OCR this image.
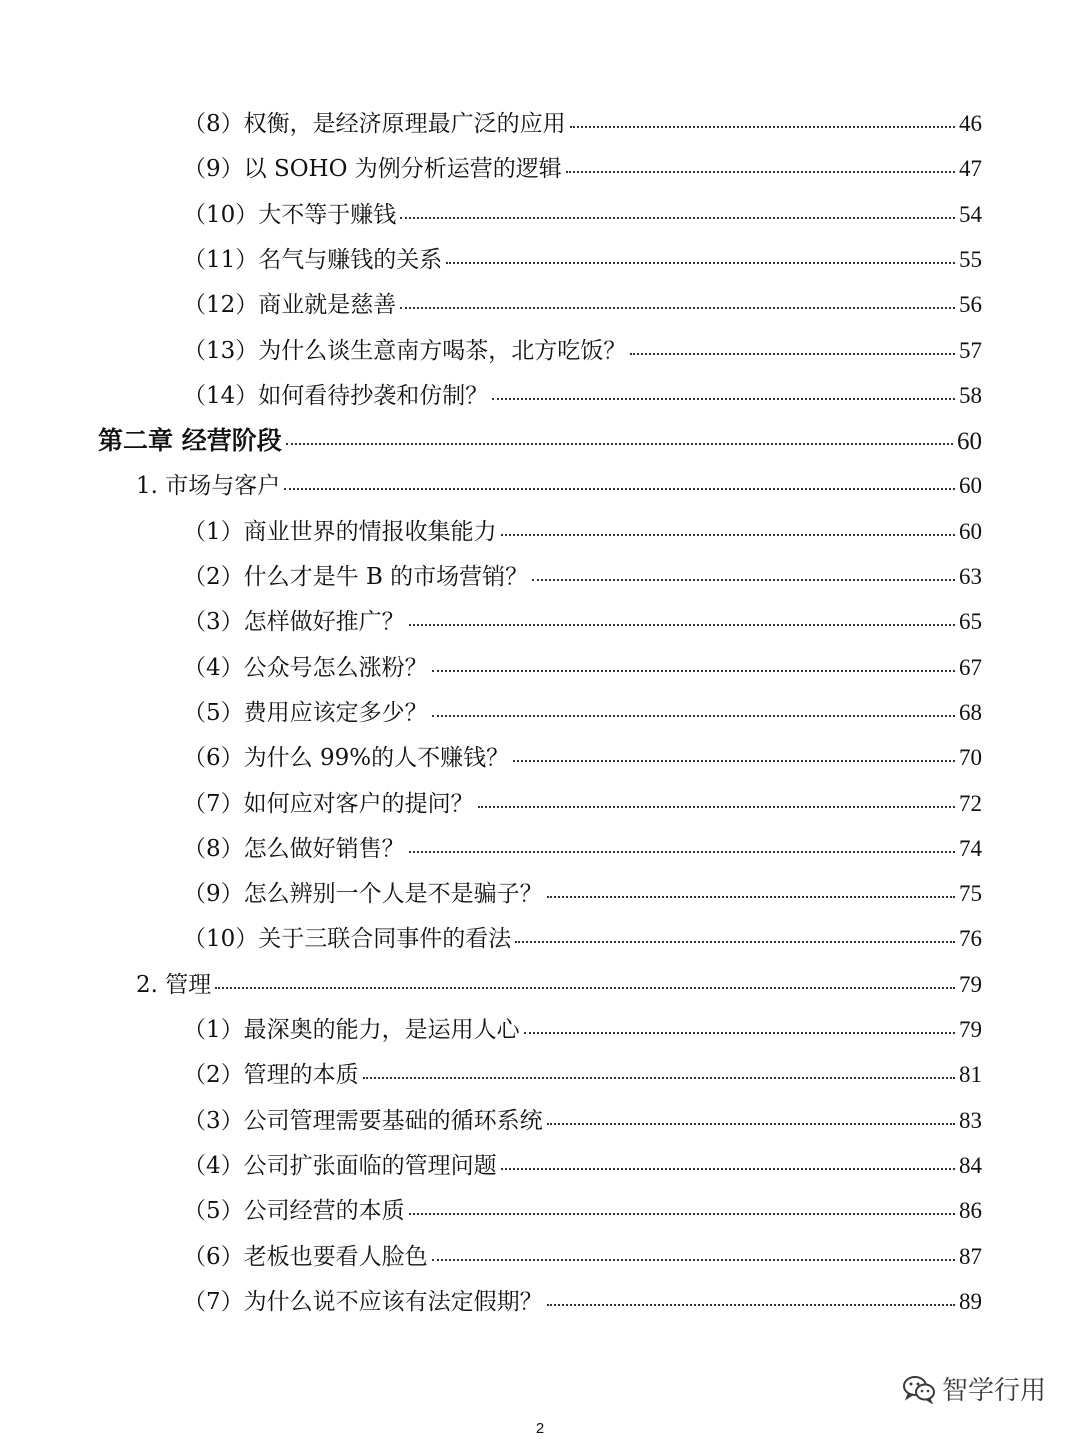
（8）权衡，是经济原理最广泛的应用	46
（9）以 SOHO 为例分析运营的逻辑	47
（10）大不等于赚钱	54
（11）名气与赚钱的关系	55
（12）商业就是慈善	56
（13）为什么谈生意南方喝茶，北方吃饭？	57
（14）如何看待抄袭和仿制？	58
第二章 经营阶段	60
1. 市场与客户	60
（1）商业世界的情报收集能力	60
（2）什么才是牛 B 的市场营销？	63
（3）怎样做好推广？	65
（4）公众号怎么涨粉？	67
（5）费用应该定多少？	68
（6）为什么 99%的人不赚钱？	70
（7）如何应对客户的提问？	72
（8）怎么做好销售？	74
（9）怎么辨别一个人是不是骗子？	75
（10）关于三联合同事件的看法	76
2. 管理	79
（1）最深奥的能力，是运用人心	79
（2）管理的本质	81
（3）公司管理需要基础的循环系统	83
（4）公司扩张面临的管理问题	84
（5）公司经营的本质	86
（6）老板也要看人脸色	87
（7）为什么说不应该有法定假期？	89
2
智学行用
